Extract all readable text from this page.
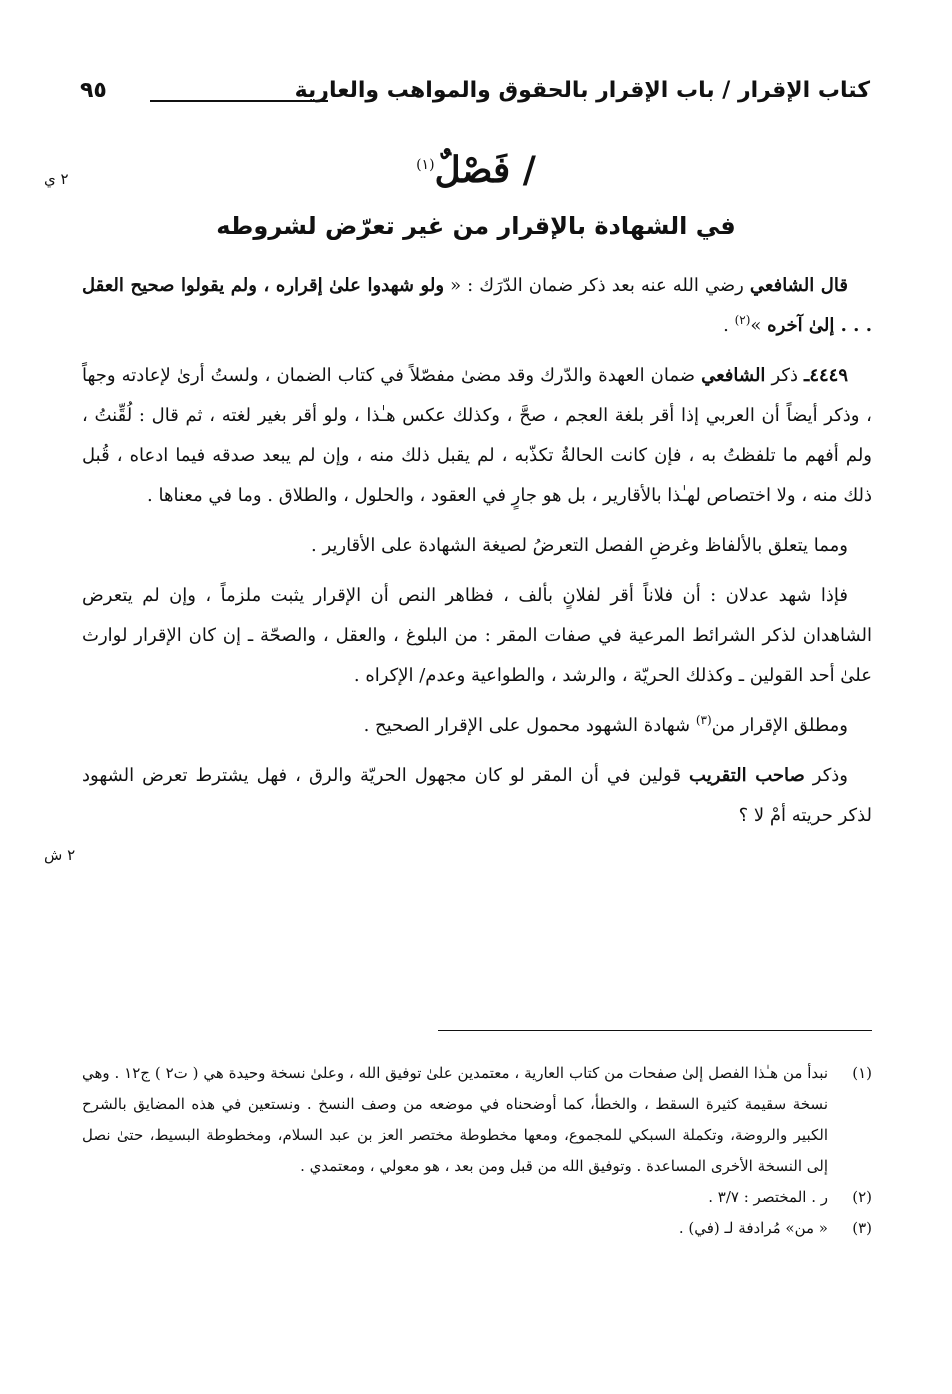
كتاب الإقرار / باب الإقرار بالحقوق والمواهب والعارية
٩٥
٢ ي
٢ ش
/ فَصْلٌ$^{(١)}$
في الشهادة بالإقرار من غير تعرّض لشروطه

قال الشافعي رضي الله عنه بعد ذكر ضمان الدّرَك : « ولو شهدوا علىٰ إقراره ، ولم يقولوا صحيح العقل . . . إلىٰ آخره »$^{(٢)}$ .

٤٤٤٩ـ ذكر الشافعي ضمان العهدة والدّرك وقد مضىٰ مفصّلاً في كتاب الضمان ، ولستُ أرىٰ لإعادته وجهاً ، وذكر أيضاً أن العربي إذا أقر بلغة العجم ، صحَّ ، وكذلك عكس هـٰذا ، ولو أقر بغير لغته ، ثم قال : لُقِّنتُ ، ولم أفهم ما تلفظتُ به ، فإن كانت الحالةُ تكذّبه ، لم يقبل ذلك منه ، وإن لم يبعد صدقه فيما ادعاه ، قُبل ذلك منه ، ولا اختصاص لهـٰذا بالأقارير ، بل هو جارٍ في العقود ، والحلول ، والطلاق . وما في معناها .

ومما يتعلق بالألفاظ وغرضِ الفصل التعرضُ لصيغة الشهادة على الأقارير .

فإذا شهد عدلان : أن فلاناً أقر لفلانٍ بألف ، فظاهر النص أن الإقرار يثبت ملزماً ، وإن لم يتعرض الشاهدان لذكر الشرائط المرعية في صفات المقر : من البلوغ ، والعقل ، والصحّة ـ إن كان الإقرار لوارث علىٰ أحد القولين ـ وكذلك الحريّة ، والرشد ، والطواعية وعدم/ الإكراه .

ومطلق الإقرار من$^{(٣)}$ شهادة الشهود محمول على الإقرار الصحيح .

وذكر صاحب التقريب قولين في أن المقر لو كان مجهول الحريّة والرق ، فهل يشترط تعرض الشهود لذكر حريته أمْ لا ؟

(١)
نبدأ من هـٰذا الفصل إلىٰ صفحات من كتاب العارية ، معتمدين علىٰ توفيق الله ، وعلىٰ نسخة وحيدة هي ( ت٢ ) ج١٢ . وهي نسخة سقيمة كثيرة السقط ، والخطأ، كما أوضحناه في موضعه من وصف النسخ . ونستعين في هذه المضايق بالشرح الكبير والروضة، وتكملة السبكي للمجموع، ومعها مخطوطة مختصر العز بن عبد السلام، ومخطوطة البسيط، حتىٰ نصل إلى النسخة الأخرى المساعدة . وتوفيق الله من قبل ومن بعد ، هو معولي ، ومعتمدي .

(٢)
ر . المختصر : ٣/٧ .

(٣)
« من» مُرادفة لـ (في) .
